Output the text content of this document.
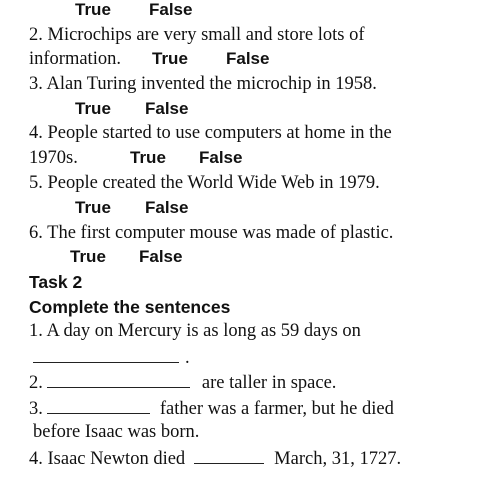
True False
2. Microchips are very small and store lots of
information. True False
3. Alan Turing invented the microchip in 1958.
True False
4. People started to use computers at home in the
1970s.	True False
5. People created the World Wide Web in 1979.
True False
6. The first computer mouse was made of plastic.
True False
Task 2
Complete the sentences
1. A day on Mercury is as long as 59 days on
.
2.	are taller in space.
3.	father was a farmer, but he died
before Isaac was born.
4. Isaac Newton died	March, 31, 1727.
